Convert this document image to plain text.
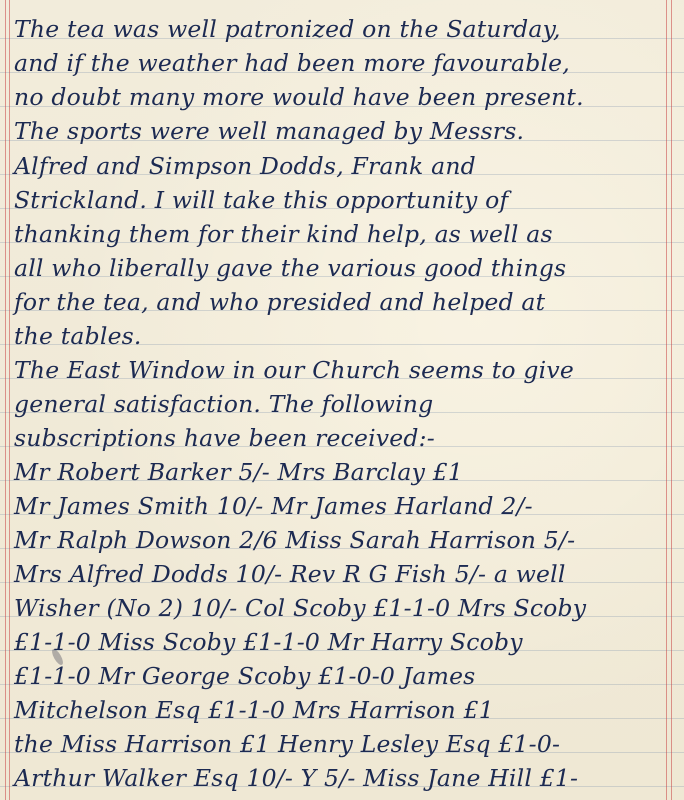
The tea was well patronized on the Saturday,
and if the weather had been more favourable,
no doubt many more would have been present.
The sports were well managed by Messrs.
Alfred and Simpson Dodds, Frank and
Strickland. I will take this opportunity of
thanking them for their kind help, as well as
all who liberally gave the various good things
for the tea, and who presided and helped at
the tables.
The East Window in our Church seems to give
general satisfaction. The following
subscriptions have been received:-
Mr Robert Barker 5/- Mrs Barclay £1
Mr James Smith 10/- Mr James Harland 2/-
Mr Ralph Dowson 2/6 Miss Sarah Harrison 5/-
Mrs Alfred Dodds 10/- Rev R G Fish 5/- a well
Wisher (No 2) 10/- Col Scoby £1-1-0 Mrs Scoby
£1-1-0 Miss Scoby £1-1-0 Mr Harry Scoby
£1-1-0 Mr George Scoby £1-0-0 James
Mitchelson Esq £1-1-0 Mrs Harrison £1
the Miss Harrison £1 Henry Lesley Esq £1-0-
Arthur Walker Esq 10/- Y 5/- Miss Jane Hill £1-
